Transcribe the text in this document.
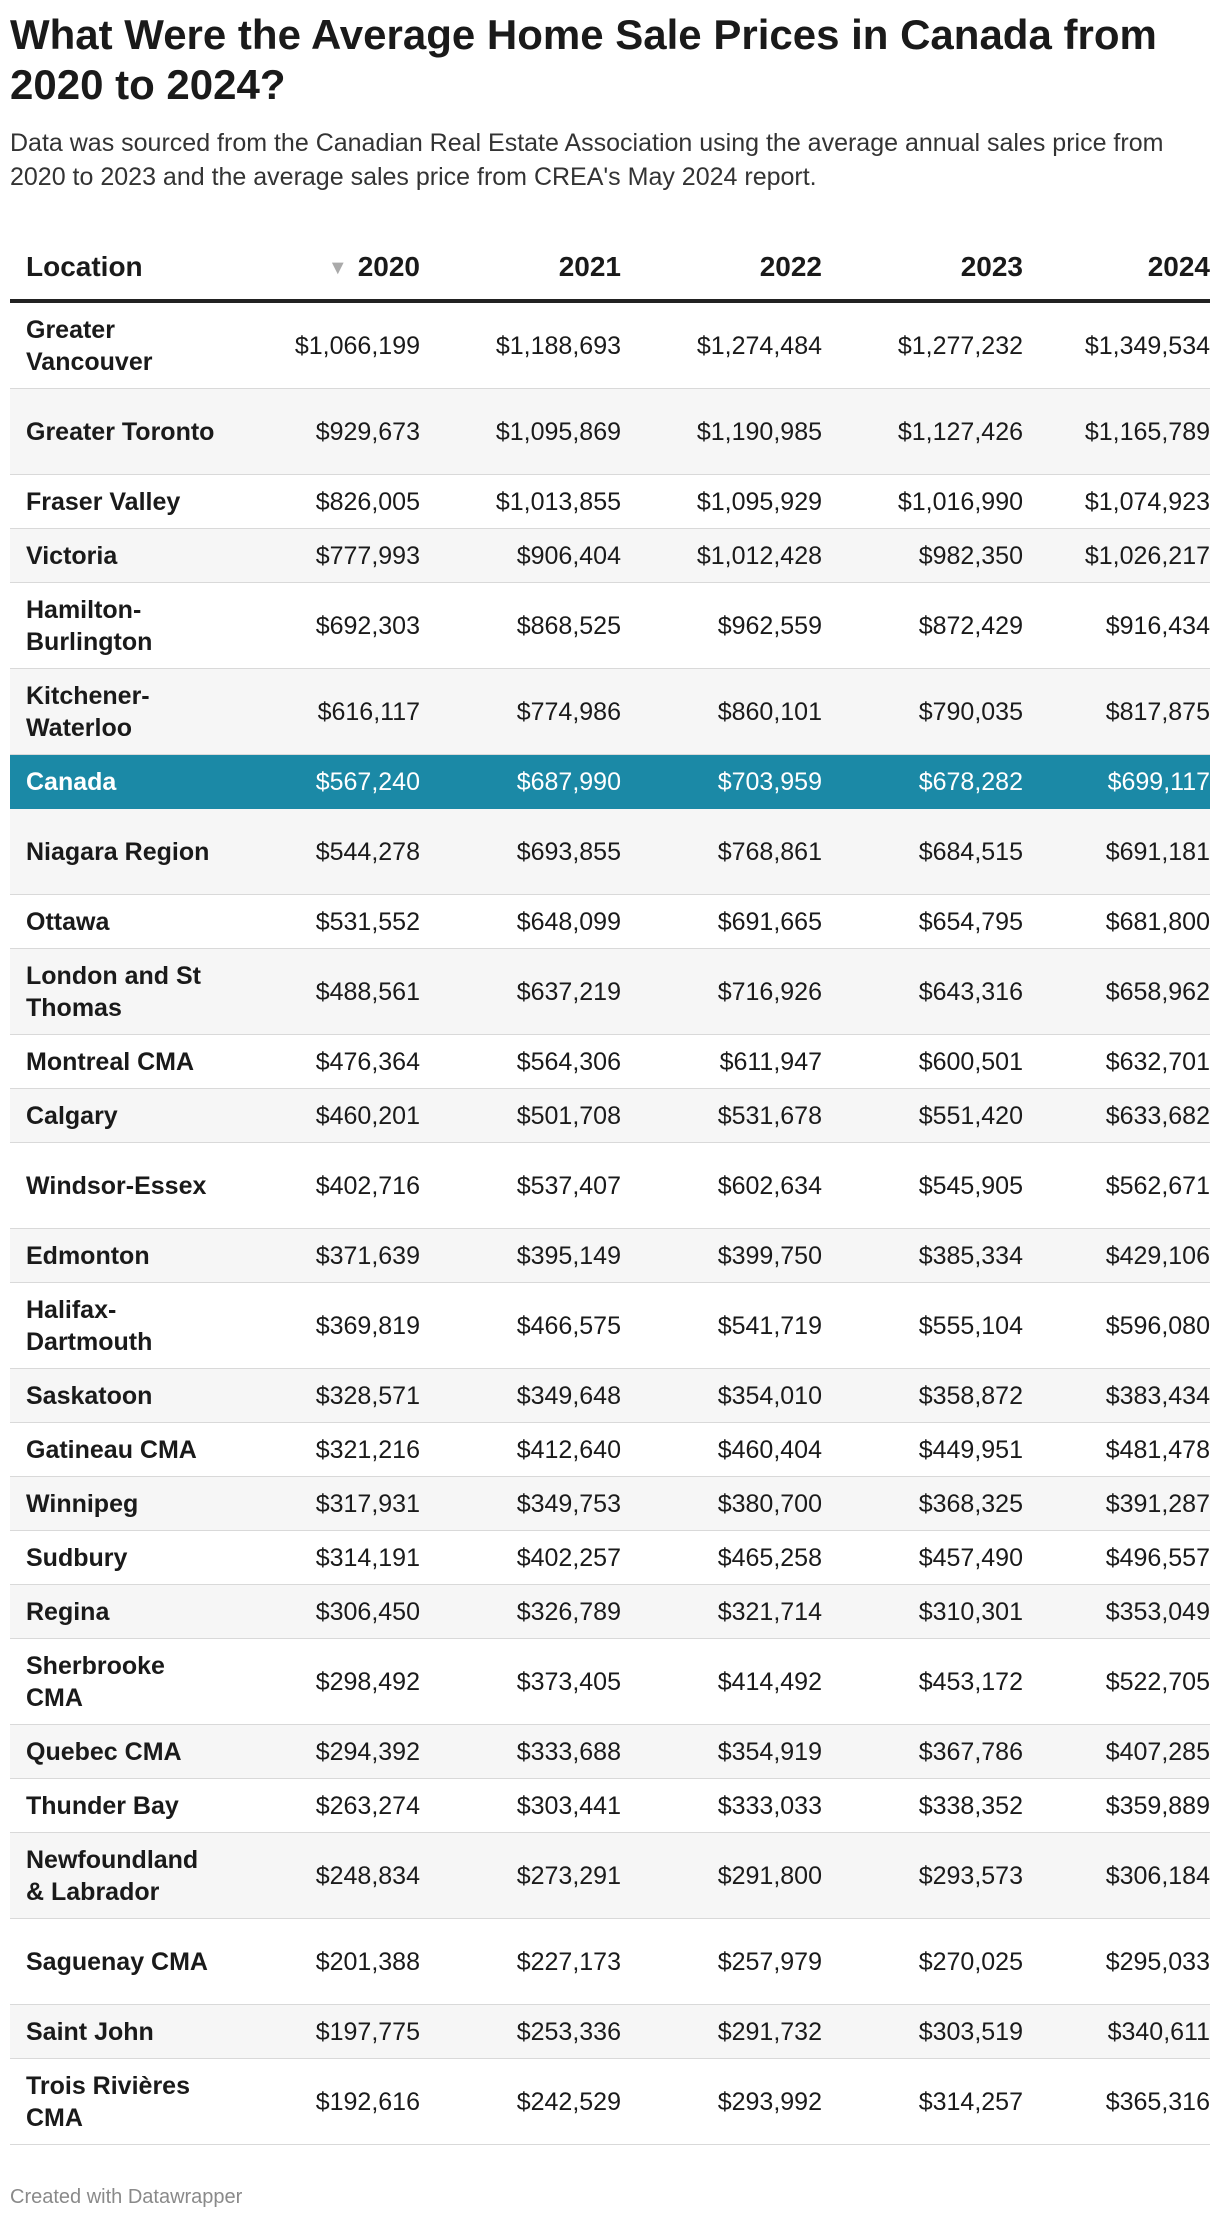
What Were the Average Home Sale Prices in Canada from 2020 to 2024?

Data was sourced from the Canadian Real Estate Association using the average annual sales price from 2020 to 2023 and the average sales price from CREA's May 2024 report.

Location	▼ 2020	2021	2022	2023	2024
Greater Vancouver	$1,066,199	$1,188,693	$1,274,484	$1,277,232	$1,349,534
Greater Toronto	$929,673	$1,095,869	$1,190,985	$1,127,426	$1,165,789
Fraser Valley	$826,005	$1,013,855	$1,095,929	$1,016,990	$1,074,923
Victoria	$777,993	$906,404	$1,012,428	$982,350	$1,026,217
Hamilton-Burlington	$692,303	$868,525	$962,559	$872,429	$916,434
Kitchener-Waterloo	$616,117	$774,986	$860,101	$790,035	$817,875
Canada	$567,240	$687,990	$703,959	$678,282	$699,117
Niagara Region	$544,278	$693,855	$768,861	$684,515	$691,181
Ottawa	$531,552	$648,099	$691,665	$654,795	$681,800
London and St Thomas	$488,561	$637,219	$716,926	$643,316	$658,962
Montreal CMA	$476,364	$564,306	$611,947	$600,501	$632,701
Calgary	$460,201	$501,708	$531,678	$551,420	$633,682
Windsor-Essex	$402,716	$537,407	$602,634	$545,905	$562,671
Edmonton	$371,639	$395,149	$399,750	$385,334	$429,106
Halifax-Dartmouth	$369,819	$466,575	$541,719	$555,104	$596,080
Saskatoon	$328,571	$349,648	$354,010	$358,872	$383,434
Gatineau CMA	$321,216	$412,640	$460,404	$449,951	$481,478
Winnipeg	$317,931	$349,753	$380,700	$368,325	$391,287
Sudbury	$314,191	$402,257	$465,258	$457,490	$496,557
Regina	$306,450	$326,789	$321,714	$310,301	$353,049
Sherbrooke CMA	$298,492	$373,405	$414,492	$453,172	$522,705
Quebec CMA	$294,392	$333,688	$354,919	$367,786	$407,285
Thunder Bay	$263,274	$303,441	$333,033	$338,352	$359,889
Newfoundland & Labrador	$248,834	$273,291	$291,800	$293,573	$306,184
Saguenay CMA	$201,388	$227,173	$257,979	$270,025	$295,033
Saint John	$197,775	$253,336	$291,732	$303,519	$340,611
Trois Rivières CMA	$192,616	$242,529	$293,992	$314,257	$365,316
Created with Datawrapper
